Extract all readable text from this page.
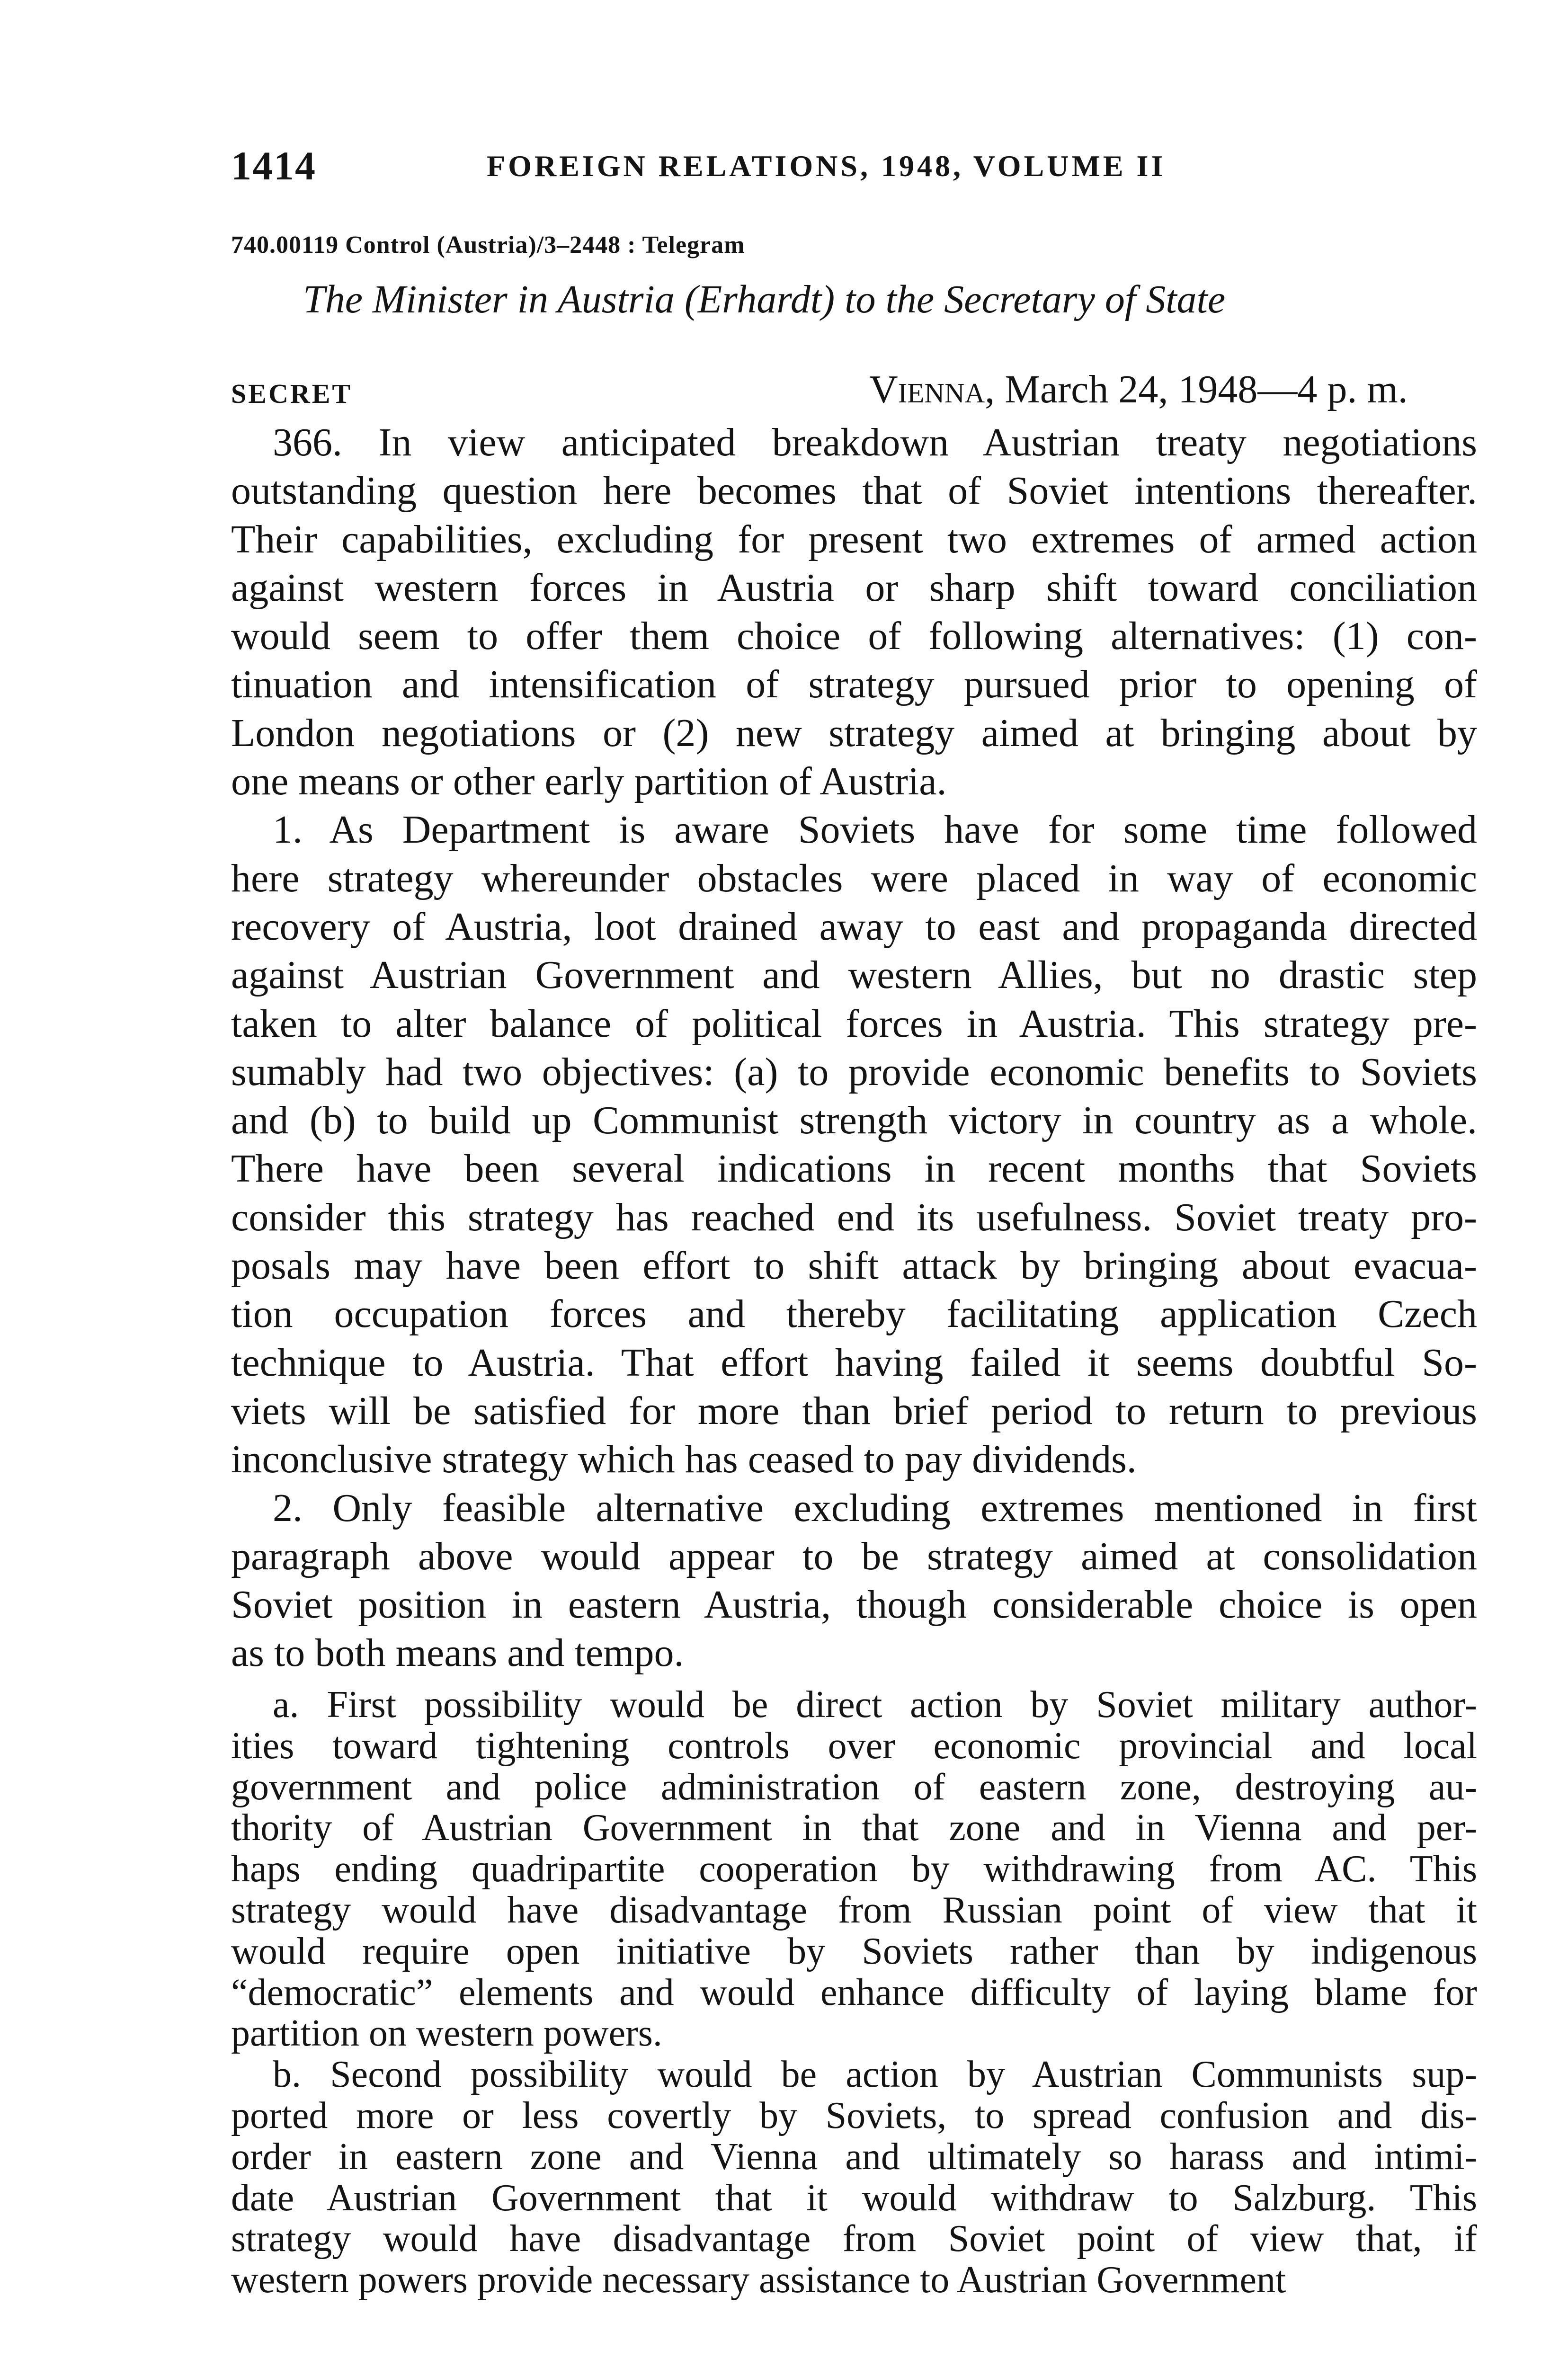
1414	FOREIGN RELATIONS, 1948, VOLUME II
740.00119 Control (Austria)/3–2448 : Telegram
The Minister in Austria (Erhardt) to the Secretary of State
SECRET	Vienna, March 24, 1948—4 p. m.
366. In view anticipated breakdown Austrian treaty negotiations
outstanding question here becomes that of Soviet intentions thereafter.
Their capabilities, excluding for present two extremes of armed action
against western forces in Austria or sharp shift toward conciliation
would seem to offer them choice of following alternatives: (1) con-
tinuation and intensification of strategy pursued prior to opening of
London negotiations or (2) new strategy aimed at bringing about by
one means or other early partition of Austria.
1. As Department is aware Soviets have for some time followed
here strategy whereunder obstacles were placed in way of economic
recovery of Austria, loot drained away to east and propaganda directed
against Austrian Government and western Allies, but no drastic step
taken to alter balance of political forces in Austria. This strategy pre-
sumably had two objectives: (a) to provide economic benefits to Soviets
and (b) to build up Communist strength victory in country as a whole.
There have been several indications in recent months that Soviets
consider this strategy has reached end its usefulness. Soviet treaty pro-
posals may have been effort to shift attack by bringing about evacua-
tion occupation forces and thereby facilitating application Czech
technique to Austria. That effort having failed it seems doubtful So-
viets will be satisfied for more than brief period to return to previous
inconclusive strategy which has ceased to pay dividends.
2. Only feasible alternative excluding extremes mentioned in first
paragraph above would appear to be strategy aimed at consolidation
Soviet position in eastern Austria, though considerable choice is open
as to both means and tempo.
a. First possibility would be direct action by Soviet military author-
ities toward tightening controls over economic provincial and local
government and police administration of eastern zone, destroying au-
thority of Austrian Government in that zone and in Vienna and per-
haps ending quadripartite cooperation by withdrawing from AC. This
strategy would have disadvantage from Russian point of view that it
would require open initiative by Soviets rather than by indigenous
“democratic” elements and would enhance difficulty of laying blame for
partition on western powers.
b. Second possibility would be action by Austrian Communists sup-
ported more or less covertly by Soviets, to spread confusion and dis-
order in eastern zone and Vienna and ultimately so harass and intimi-
date Austrian Government that it would withdraw to Salzburg. This
strategy would have disadvantage from Soviet point of view that, if
western powers provide necessary assistance to Austrian Government
